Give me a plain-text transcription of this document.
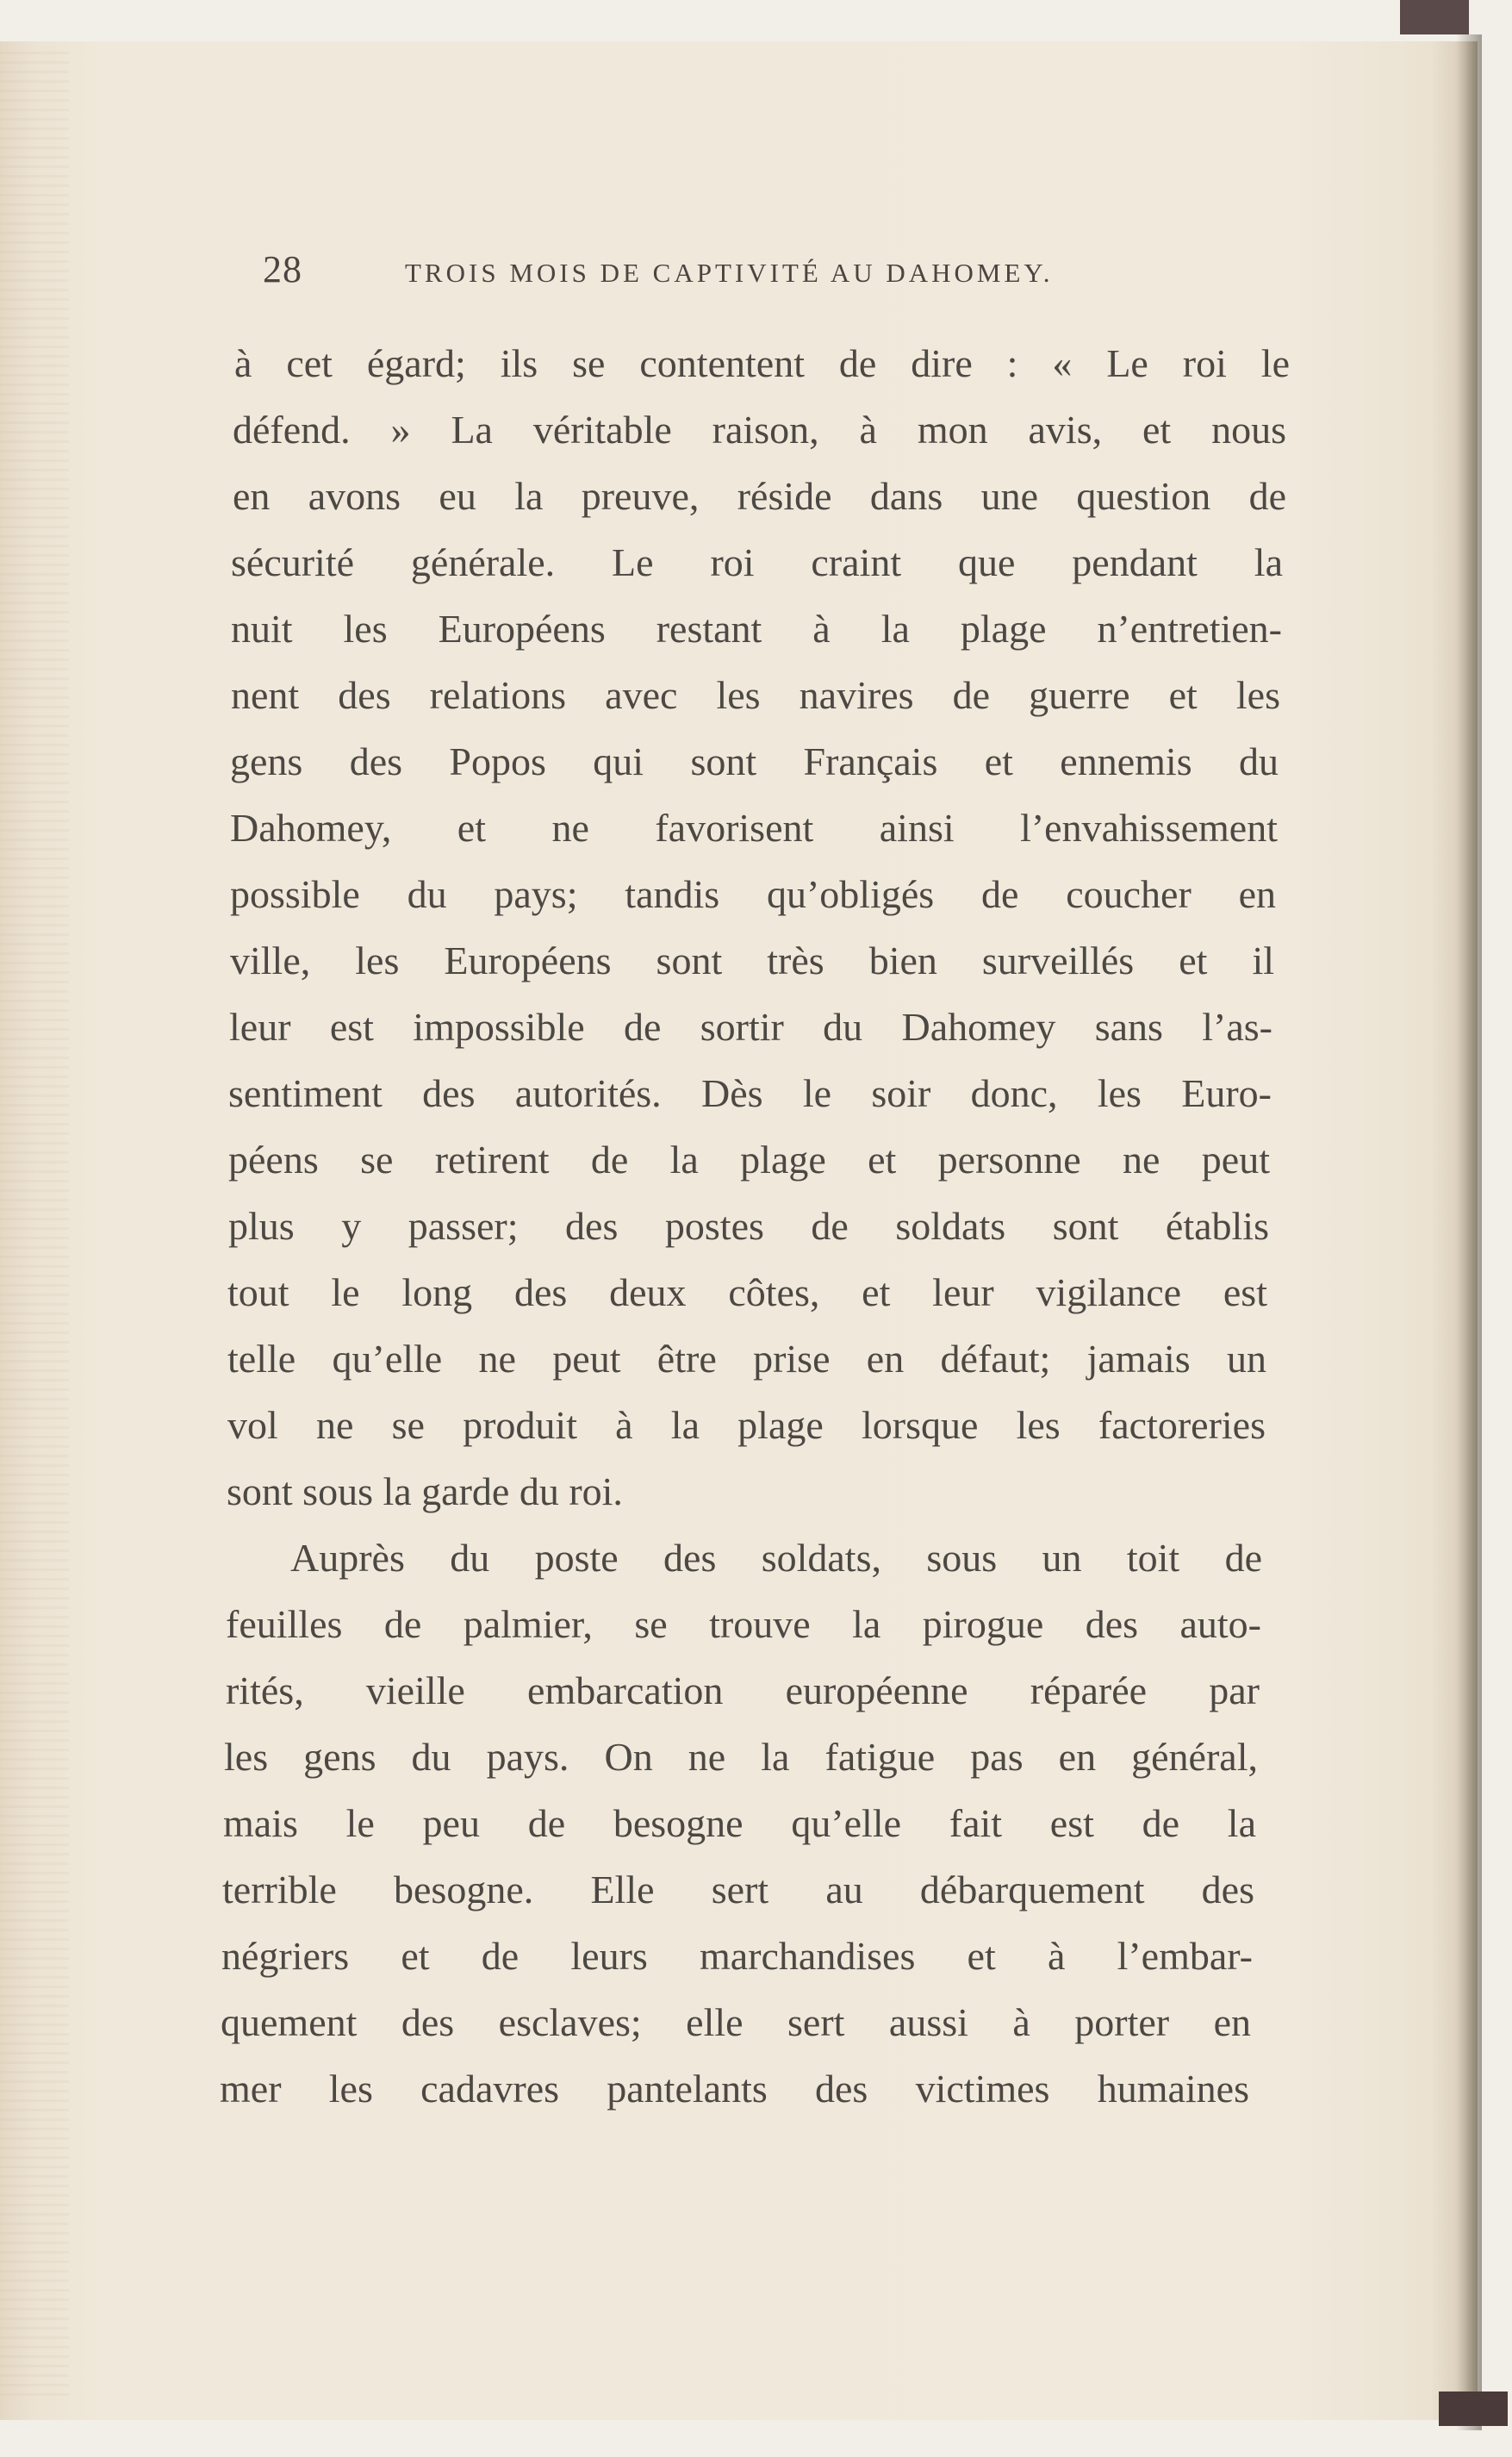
28	TROIS MOIS DE CAPTIVITÉ AU DAHOMEY.
à cet égard; ils se contentent de dire : « Le roi le
défend. » La véritable raison, à mon avis, et nous
en avons eu la preuve, réside dans une question de
sécurité générale. Le roi craint que pendant la
nuit les Européens restant à la plage n’entretien-
nent des relations avec les navires de guerre et les
gens des Popos qui sont Français et ennemis du
Dahomey, et ne favorisent ainsi l’envahissement
possible du pays; tandis qu’obligés de coucher en
ville, les Européens sont très bien surveillés et il
leur est impossible de sortir du Dahomey sans l’as-
sentiment des autorités. Dès le soir donc, les Euro-
péens se retirent de la plage et personne ne peut
plus y passer; des postes de soldats sont établis
tout le long des deux côtes, et leur vigilance est
telle qu’elle ne peut être prise en défaut; jamais un
vol ne se produit à la plage lorsque les factoreries
sont sous la garde du roi.
Auprès du poste des soldats, sous un toit de
feuilles de palmier, se trouve la pirogue des auto-
rités, vieille embarcation européenne réparée par
les gens du pays. On ne la fatigue pas en général,
mais le peu de besogne qu’elle fait est de la
terrible besogne. Elle sert au débarquement des
négriers et de leurs marchandises et à l’embar-
quement des esclaves; elle sert aussi à porter en
mer les cadavres pantelants des victimes humaines
